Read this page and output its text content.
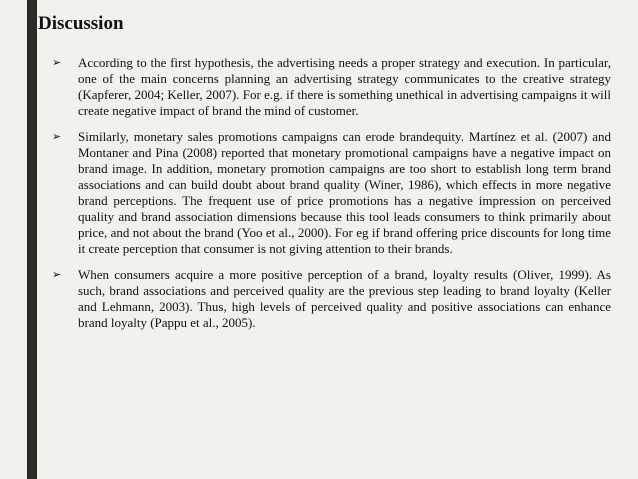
Discussion
➢ According to the first hypothesis, the advertising needs a proper strategy and execution. In particular, one of the main concerns planning an advertising strategy communicates to the creative strategy (Kapferer, 2004; Keller, 2007). For e.g. if there is something unethical in advertising campaigns it will create negative impact of brand the mind of customer.
➢ Similarly, monetary sales promotions campaigns can erode brandequity. Martínez et al. (2007) and Montaner and Pina (2008) reported that monetary promotional campaigns have a negative impact on brand image. In addition, monetary promotion campaigns are too short to establish long term brand associations and can build doubt about brand quality (Winer, 1986), which effects in more negative brand perceptions. The frequent use of price promotions has a negative impression on perceived quality and brand association dimensions because this tool leads consumers to think primarily about price, and not about the brand (Yoo et al., 2000). For eg if brand offering price discounts for long time it create perception that consumer is not giving attention to their brands.
➢ When consumers acquire a more positive perception of a brand, loyalty results (Oliver, 1999). As such, brand associations and perceived quality are the previous step leading to brand loyalty (Keller and Lehmann, 2003). Thus, high levels of perceived quality and positive associations can enhance brand loyalty (Pappu et al., 2005).
